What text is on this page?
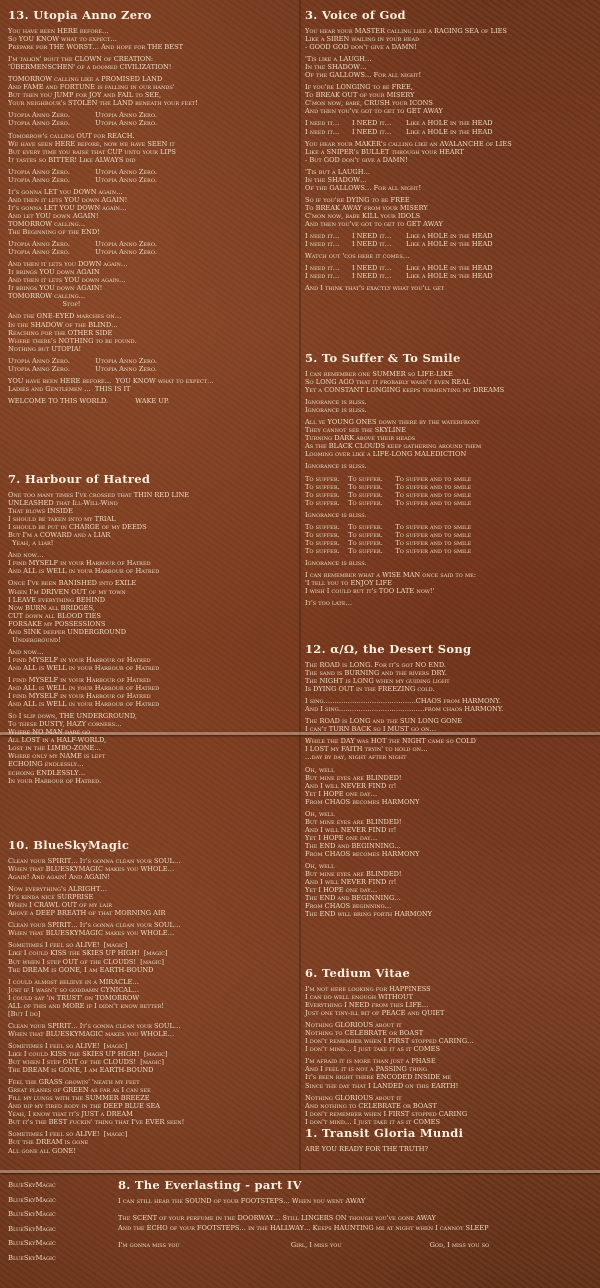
13. Utopia Anno Zero
You have been HERE before…
So YOU KNOW what to expect…
Prepare for THE WORST… And hope for THE BEST
I'm talkin' bout the CLOWN of CREATION:
'ÜBERMENSCHEN' of a doomed CIVILIZATION!
TOMORROW calling like a PROMISED LAND
And FAME and FORTUNE is falling in our hands'
But then you JUMP for JOY and FAIL to SEE,
Your neighbour's STOLEN the LAND beneath your feet!
Utopia Anno Zero.            Utopia Anno Zero.
Utopia Anno Zero.            Utopia Anno Zero.
Tomorrow's calling OUT for REACH.
We have seen HERE before, now we have SEEN it
But every time you raise that CUP unto your LIPS
It tastes so BITTER! Like ALWAYS did
Utopia Anno Zero.            Utopia Anno Zero.
Utopia Anno Zero.            Utopia Anno Zero.
It's gonna LET you DOWN again…
And then it lets YOU down AGAIN!
It's gonna LET YOU DOWN again…
And let YOU down AGAIN!
TOMORROW calling…
The Beginning of the END!
Utopia Anno Zero.            Utopia Anno Zero.
Utopia Anno Zero.            Utopia Anno Zero.
And then it lets you DOWN again…
It brings YOU down AGAIN
And then it lets YOU down again…
It brings YOU down AGAIN!
TOMORROW calling…
Stop!
And the ONE-EYED marches on…
In the SHADOW of the BLIND…
Reaching for the OTHER SIDE
Where there's NOTHING to be found.
Nothing but UTOPIA!
Utopia Anno Zero.            Utopia Anno Zero.
Utopia Anno Zero.            Utopia Anno Zero.
YOU have been HERE before…  YOU KNOW what to expect…
Ladies and Gentlemen …  THIS IS IT
WELCOME TO THIS WORLD.             WAKE UP.
7. Harbour of Hatred
One too many times I've crossed that THIN RED LINE
UNLEASHED that Ill-Will-Wind
That blows INSIDE
I should be taken into my TRIAL
I should be put in CHARGE of my DEEDS
But I'm a COWARD and a LIAR
Yeah, a liar!
And now…
I find MYSELF in your Harbour of Hatred
And ALL is WELL in your Harbour of Hatred
Once I've been BANISHED into EXILE
When I'm DRIVEN OUT of my town
I LEAVE everything BEHIND
Now BURN all BRIDGES,
CUT down all BLOOD TIES
FORSAKE my POSSESSIONS
And SINK deeper UNDERGROUND
Underground!
And now…
I find MYSELF in your Harbour of Hatred
And ALL is WELL in your Harbour of Hatred
I find MYSELF in your Harbour of Hatred
And ALL is WELL in your Harbour of Hatred
I find MYSELF in your Harbour of Hatred
And ALL is WELL in your Harbour of Hatred
So I slip down, THE UNDERGROUND,
To these DUSTY, HAZY corners…
Where NO MAN dare go
All LOST in a HALF-WORLD,
Lost in the LIMBO-ZONE…
Where only my NAME is left
ECHOING endlessly…
echoing ENDLESSLY…
In your Harbour of Hatred.
10. BlueSkyMagic
Clean your SPIRIT… It's gonna clean your SOUL…
When that BLUESKYMAGIC makes you WHOLE…
Again! And again! And AGAIN!
Now everything's ALRIGHT…
It's kinda nice SURPRISE
When I CRAWL OUT of my lair
Above a DEEP BREATH of that MORNING AIR
Clean your SPIRIT… It's gonna clean your SOUL…
When that BLUESKYMAGIC makes you WHOLE…
Sometimes I feel so ALIVE!  [magic]
Like I could KISS the SKIES UP HIGH!  [magic]
But when I step OUT of the CLOUDS!  [magic]
The DREAM is GONE, I am EARTH-BOUND
I could almost believe in a MIRACLE…
Just if I wasn't so goddamn CYNICAL…
I could say 'in TRUST' on TOMORROW
ALL of this and MORE if I didn't know better!
[But I do]
Clean your SPIRIT… It's gonna clean your SOUL…
When that BLUESKYMAGIC makes you WHOLE…
Sometimes I feel so ALIVE!  [magic]
Like I could KISS the SKIES UP HIGH!  [magic]
But when I step OUT of the CLOUDS!  [magic]
The DREAM is GONE, I am EARTH-BOUND
Feel the GRASS growin' 'neath my feet
Great planes of GREEN as far as I can see
Fill my lungs with the SUMMER BREEZE
And dip my tired body in the DEEP BLUE SEA
Yeah, I know that it's JUST a DREAM
But it's the BEST fuckin' thing that I've EVER seen!
Sometimes I feel so ALIVE!  [magic]
But the DREAM is gone
All gone all GONE!
3. Voice of God
You hear your MASTER calling like a RAGING SEA of LIES
Like a SIREN wailing in your head
- GOOD GOD don't give a DAMN!
'Tis like a LAUGH…
In the SHADOW…
Of the GALLOWS… For all night!
If you're LONGING to be FREE,
To BREAK OUT of your MISERY
C'mon now, babe, CRUSH your ICONS
And then you've got to get to GET AWAY
I need it…      I NEED it…       Like a HOLE in the HEAD
I need it…      I NEED it…       Like a HOLE in the HEAD
You hear your MAKER's calling like an AVALANCHE of LIES
Like a SNIPER's BULLET through your HEART
- But GOD don't give a DAMN!
'Tis but a LAUGH…
In the SHADOW…
Of the GALLOWS… For all night!
So if you're DYING to be FREE
To BREAK AWAY from your MISERY
C'mon now, babe KILL your IDOLS
And then you've got to get to GET AWAY
I need it…      I NEED it…       Like a HOLE in the HEAD
I need it…      I NEED it…       Like a HOLE in the HEAD
Watch out 'cos here it comes…
I need it…      I NEED it…       Like a HOLE in the HEAD
I need it…      I NEED it…       Like a HOLE in the HEAD
And I think that's exactly what you'll get
5. To Suffer & To Smile
I can remember one SUMMER so LIFE-LIKE
So LONG AGO that it probably wasn't even REAL
Yet a CONSTANT LONGING keeps tormenting my DREAMS
Ignorance is bliss.
Ignorance is bliss.
All ye YOUNG ONES down there by the waterfront
They cannot see the SKYLINE
Turning DARK above their heads
As the BLACK CLOUDS keep gathering around them
Looming over like a LIFE-LONG MALEDICTION
Ignorance is bliss.
To suffer.    To suffer.      To suffer and to smile
To suffer.    To suffer.      To suffer and to smile
To suffer.    To suffer.      To suffer and to smile
To suffer.    To suffer.      To suffer and to smile
Ignorance is bliss.
To suffer.    To suffer.      To suffer and to smile
To suffer.    To suffer.      To suffer and to smile
To suffer.    To suffer.      To suffer and to smile
To suffer.    To suffer.      To suffer and to smile
Ignorance is bliss.
I can remember what a WISE MAN once said to me:
'I tell you to ENJOY LIFE
I wish I could but it's TOO LATE now!'
It's too late…
12. α/Ω, the Desert Song
The ROAD is LONG. For it's got NO END.
The sand is BURNING and the rivers DRY.
The NIGHT is LONG when my guiding light
Is DYING OUT in the FREEZING cold.
I sing……………………………………CHAOS from HARMONY.
And I sing…………………………………from chaos HARMONY.
The ROAD is LONG and the SUN LONG GONE
I can't TURN BACK so I MUST go on…
While the DAY was HOT the NIGHT came so COLD
I LOST my FAITH tryin' to hold on…
…day by day, night after night
Oh, well
But mine eyes are BLINDED!
And I will NEVER FIND it!
Yet I HOPE one day…
From CHAOS becomes HARMONY
Oh, well
But mine eyes are BLINDED!
And I will NEVER FIND it!
Yet I HOPE one day…
The END and BEGINNING…
From CHAOS becomes HARMONY
Oh, well
But mine eyes are BLINDED!
And I will NEVER FIND it!
Yet I HOPE one day…
The END and BEGINNING…
From CHAOS beginning…
The END will bring forth HARMONY
6. Tedium Vitae
I'm not here looking for HAPPINESS
I can do well enough WITHOUT
Everything I NEED from this LIFE…
Just one tiny-ill bit of PEACE and QUIET
Nothing GLORIOUS about it
Nothing to CELEBRATE or BOAST
I don't remember when I FIRST stopped CARING…
I don't mind… I just take it as it COMES
I'm afraid it is more than just a PHASE
And I feel it is not a PASSING thing
It's been right there ENCODED INSIDE me
Since the day that I LANDED on this EARTH!
Nothing GLORIOUS about it
And nothing to CELEBRATE or BOAST
I don't remember when I FIRST stopped CARING
I don't mind… I just take it as it COMES
1. Transit Gloria Mundi
ARE YOU READY FOR THE TRUTH?
BlueSkyMagic
BlueSkyMagic
BlueSkyMagic
BlueSkyMagic
BlueSkyMagic
BlueSkyMagic
8. The Everlasting - part IV
I can still hear the SOUND of your FOOTSTEPS… When you went AWAY
The SCENT of your perfume in the DOORWAY… Still LINGERS ON though you've gone AWAY
And the ECHO of your FOOTSTEPS… in the HALLWAY… Keeps HAUNTING me at night when I cannot SLEEP
I'm gonna miss you                                                     Girl, I miss you                                          God, I miss you so
